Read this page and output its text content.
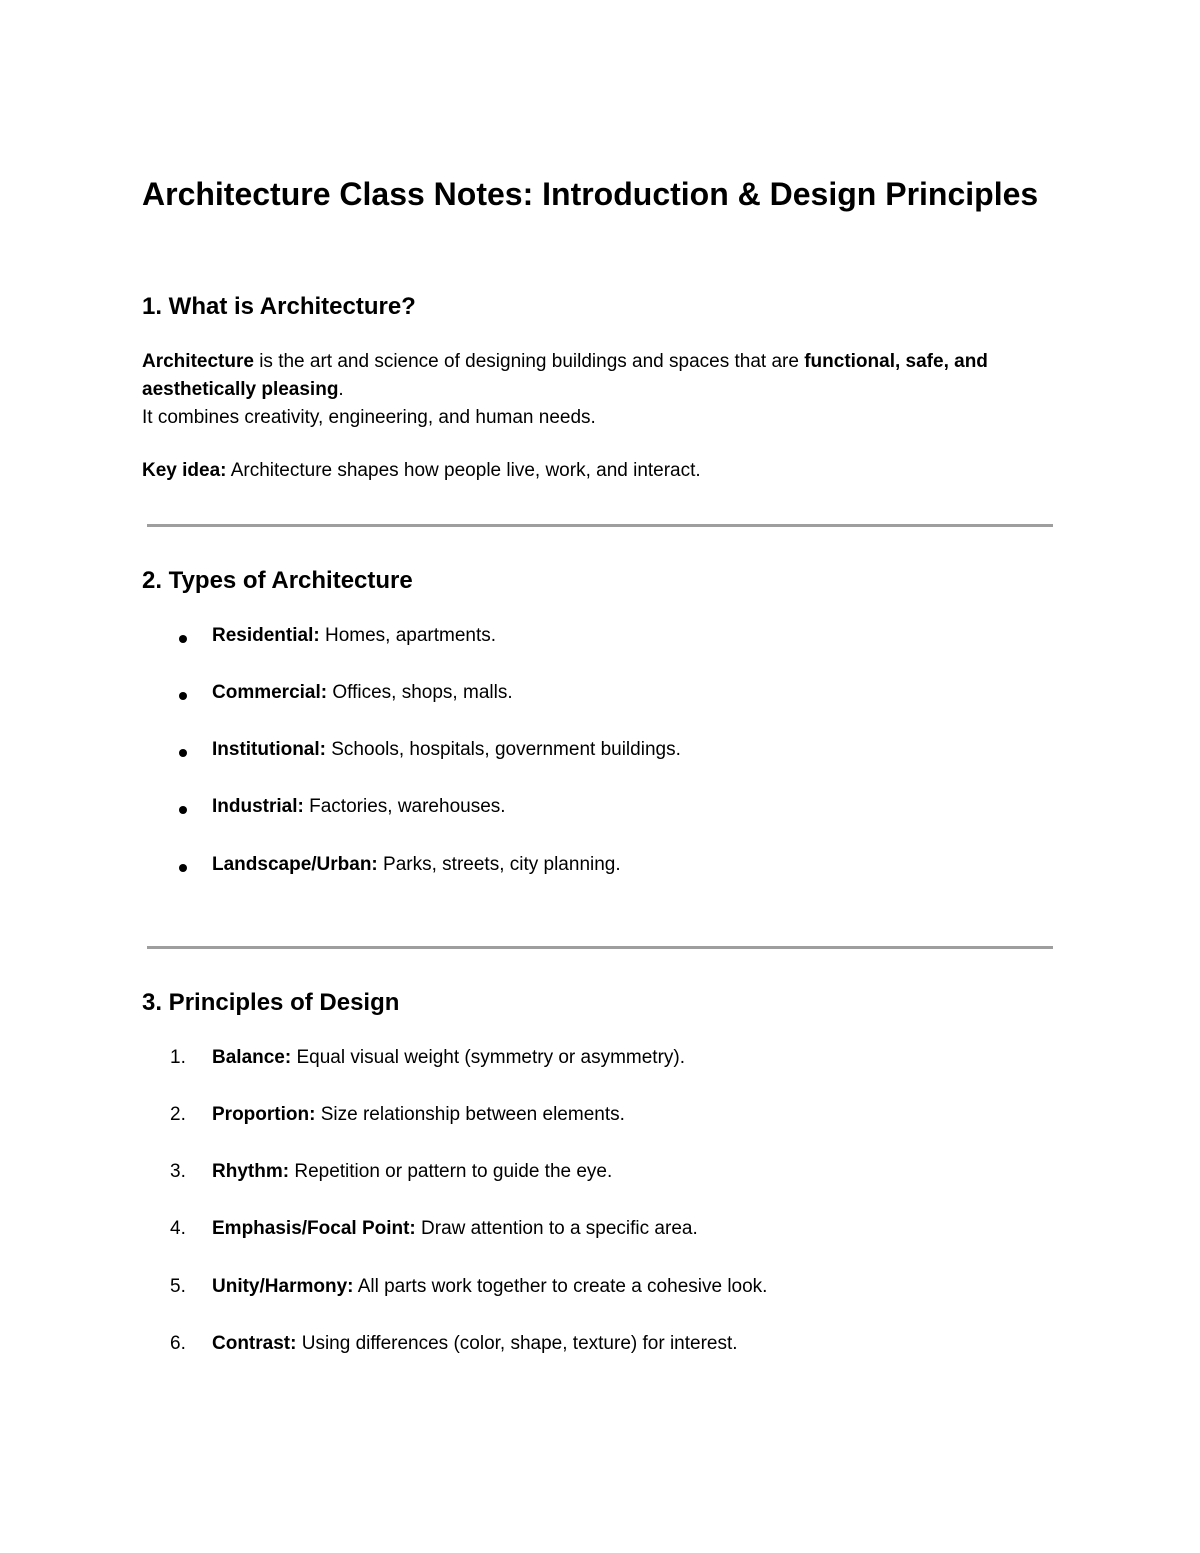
Architecture Class Notes: Introduction & Design Principles
1. What is Architecture?

Architecture is the art and science of designing buildings and spaces that are functional, safe, and aesthetically pleasing.

It combines creativity, engineering, and human needs.

Key idea: Architecture shapes how people live, work, and interact.

2. Types of Architecture

Residential: Homes, apartments.

Commercial: Offices, shops, malls.

Institutional: Schools, hospitals, government buildings.

Industrial: Factories, warehouses.

Landscape/Urban: Parks, streets, city planning.

3. Principles of Design

1.	Balance: Equal visual weight (symmetry or asymmetry).

2.	Proportion: Size relationship between elements.

3.	Rhythm: Repetition or pattern to guide the eye.

4.	Emphasis/Focal Point: Draw attention to a specific area.

5.	Unity/Harmony: All parts work together to create a cohesive look.

6.	Contrast: Using differences (color, shape, texture) for interest.
